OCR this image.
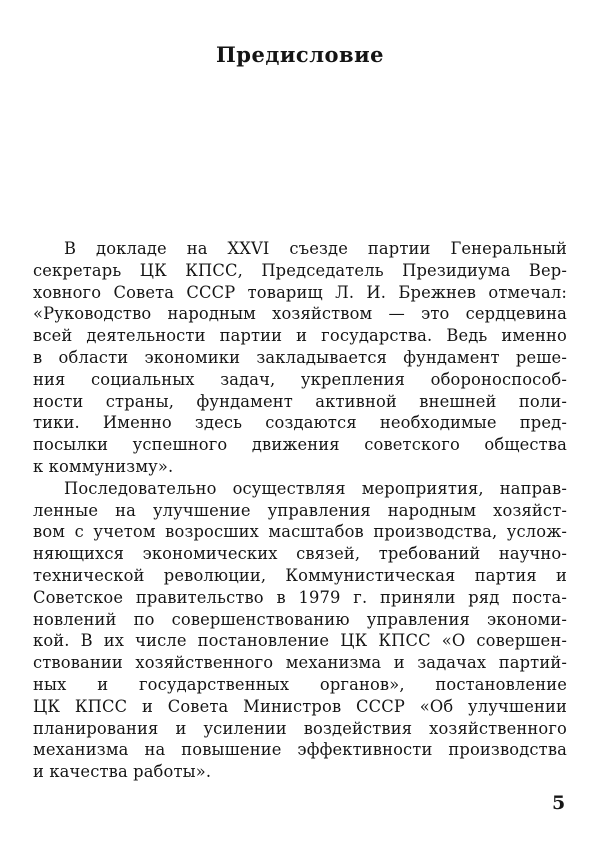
Предисловие
В докладе на XXVI съезде партии Генеральный
секретарь ЦК КПСС, Председатель Президиума Вер-
ховного Совета СССР товарищ Л. И. Брежнев отмечал:
«Руководство народным хозяйством — это сердцевина
всей деятельности партии и государства. Ведь именно
в области экономики закладывается фундамент реше-
ния социальных задач, укрепления обороноспособ-
ности страны, фундамент активной внешней поли-
тики. Именно здесь создаются необходимые пред-
посылки успешного движения советского общества
к коммунизму».
Последовательно осуществляя мероприятия, направ-
ленные на улучшение управления народным хозяйст-
вом с учетом возросших масштабов производства, услож-
няющихся экономических связей, требований научно-
технической революции, Коммунистическая партия и
Советское правительство в 1979 г. приняли ряд поста-
новлений по совершенствованию управления экономи-
кой. В их числе постановление ЦК КПСС «О совершен-
ствовании хозяйственного механизма и задачах партий-
ных и государственных органов», постановление
ЦК КПСС и Совета Министров СССР «Об улучшении
планирования и усилении воздействия хозяйственного
механизма на повышение эффективности производства
и качества работы».
5
